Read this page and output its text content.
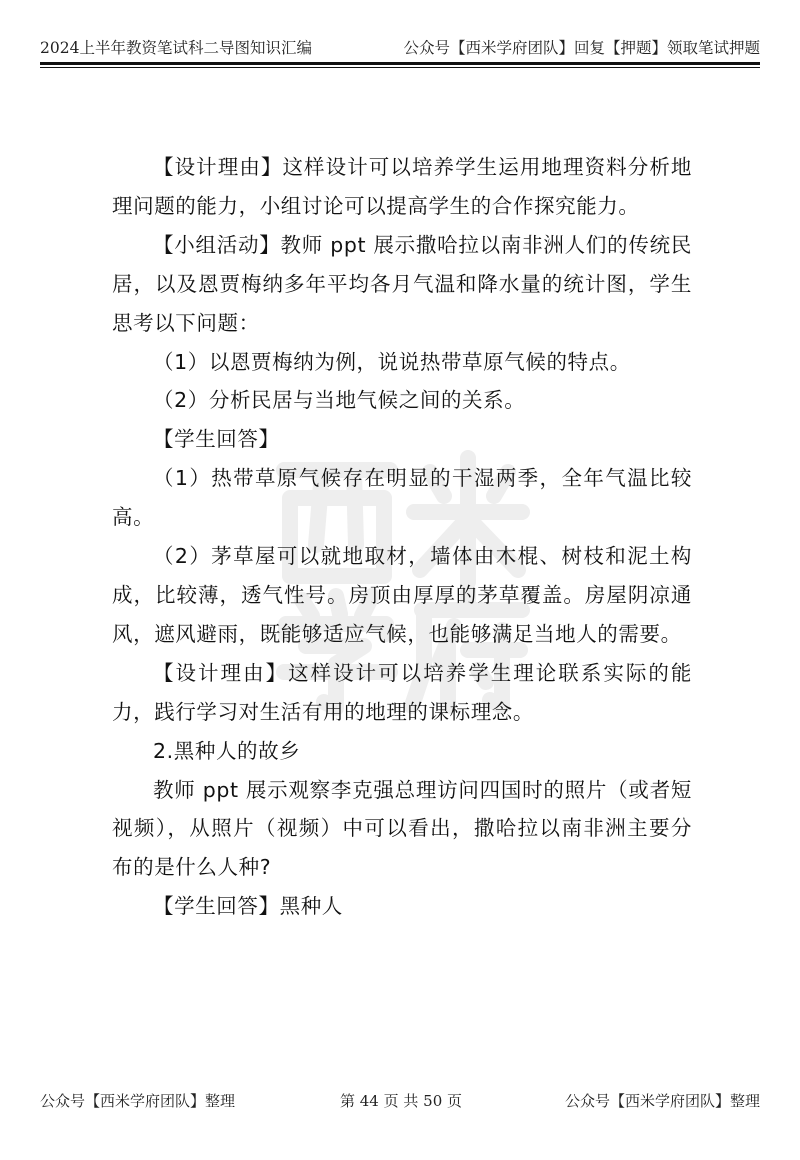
2024上半年教资笔试科二导图知识汇编	公众号【西米学府团队】回复【押题】领取笔试押题

【设计理由】这样设计可以培养学生运用地理资料分析地理问题的能力，小组讨论可以提高学生的合作探究能力。

【小组活动】教师 ppt 展示撒哈拉以南非洲人们的传统民居，以及恩贾梅纳多年平均各月气温和降水量的统计图，学生思考以下问题：

（1）以恩贾梅纳为例，说说热带草原气候的特点。

（2）分析民居与当地气候之间的关系。

【学生回答】

（1）热带草原气候存在明显的干湿两季，全年气温比较高。

（2）茅草屋可以就地取材，墙体由木棍、树枝和泥土构成，比较薄，透气性号。房顶由厚厚的茅草覆盖。房屋阴凉通风，遮风避雨，既能够适应气候，也能够满足当地人的需要。

【设计理由】这样设计可以培养学生理论联系实际的能力，践行学习对生活有用的地理的课标理念。

2.黑种人的故乡

教师 ppt 展示观察李克强总理访问四国时的照片（或者短视频），从照片（视频）中可以看出，撒哈拉以南非洲主要分布的是什么人种?

【学生回答】黑种人

公众号【西米学府团队】整理	第 44 页 共 50 页	公众号【西米学府团队】整理
